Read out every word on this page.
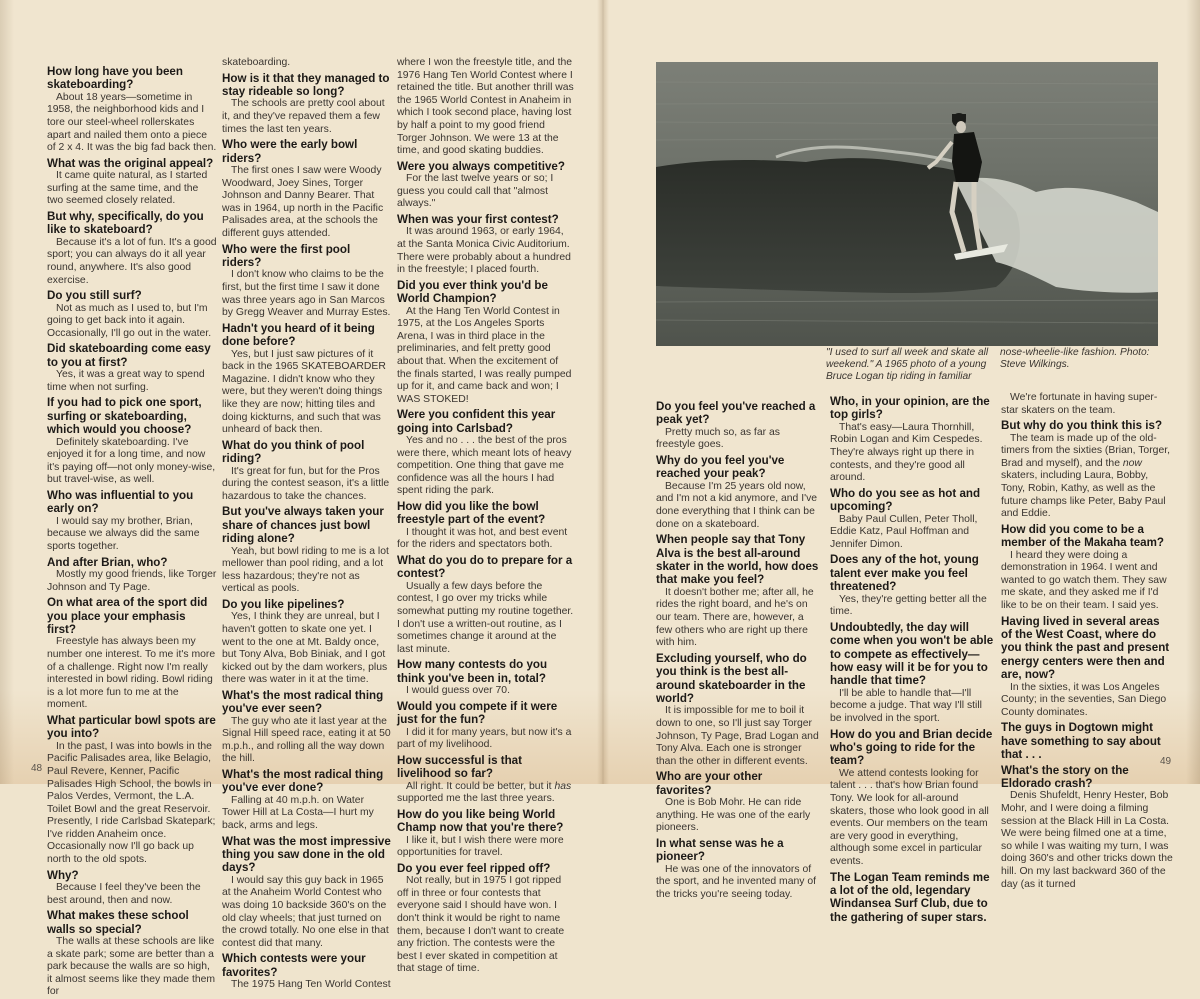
How long have you been skateboarding?
About 18 years—sometime in 1958, the neighborhood kids and I tore our steel-wheel rollerskates apart and nailed them onto a piece of 2 x 4. It was the big fad back then.
What was the original appeal?
It came quite natural, as I started surfing at the same time, and the two seemed closely related.
But why, specifically, do you like to skateboard?
Because it's a lot of fun. It's a good sport; you can always do it all year round, anywhere. It's also good exercise.
Do you still surf?
Not as much as I used to, but I'm going to get back into it again. Occasionally, I'll go out in the water.
Did skateboarding come easy to you at first?
Yes, it was a great way to spend time when not surfing.
If you had to pick one sport, surfing or skateboarding, which would you choose?
Definitely skateboarding. I've enjoyed it for a long time, and now it's paying off—not only money-wise, but travel-wise, as well.
Who was influential to you early on?
I would say my brother, Brian, because we always did the same sports together.
And after Brian, who?
Mostly my good friends, like Torger Johnson and Ty Page.
On what area of the sport did you place your emphasis first?
Freestyle has always been my number one interest. To me it's more of a challenge. Right now I'm really interested in bowl riding. Bowl riding is a lot more fun to me at the moment.
What particular bowl spots are you into?
In the past, I was into bowls in the Pacific Palisades area, like Belagio, Paul Revere, Kenner, Pacific Palisades High School, the bowls in Palos Verdes, Vermont, the L.A. Toilet Bowl and the great Reservoir. Presently, I ride Carlsbad Skatepark; I've ridden Anaheim once. Occasionally now I'll go back up north to the old spots.
Why?
Because I feel they've been the best around, then and now.
What makes these school walls so special?
The walls at these schools are like a skate park; some are better than a park because the walls are so high, it almost seems like they made them for
skateboarding.
How is it that they managed to stay rideable so long?
The schools are pretty cool about it, and they've repaved them a few times the last ten years.
Who were the early bowl riders?
The first ones I saw were Woody Woodward, Joey Sines, Torger Johnson and Danny Bearer. That was in 1964, up north in the Pacific Palisades area, at the schools the different guys attended.
Who were the first pool riders?
I don't know who claims to be the first, but the first time I saw it done was three years ago in San Marcos by Gregg Weaver and Murray Estes.
Hadn't you heard of it being done before?
Yes, but I just saw pictures of it back in the 1965 SKATEBOARDER Magazine. I didn't know who they were, but they weren't doing things like they are now; hitting tiles and doing kickturns, and such that was unheard of back then.
What do you think of pool riding?
It's great for fun, but for the Pros during the contest season, it's a little hazardous to take the chances.
But you've always taken your share of chances just bowl riding alone?
Yeah, but bowl riding to me is a lot mellower than pool riding, and a lot less hazardous; they're not as vertical as pools.
Do you like pipelines?
Yes, I think they are unreal, but I haven't gotten to skate one yet. I went to the one at Mt. Baldy once, but Tony Alva, Bob Biniak, and I got kicked out by the dam workers, plus there was water in it at the time.
What's the most radical thing you've ever seen?
The guy who ate it last year at the Signal Hill speed race, eating it at 50 m.p.h., and rolling all the way down the hill.
What's the most radical thing you've ever done?
Falling at 40 m.p.h. on Water Tower Hill at La Costa—I hurt my back, arms and legs.
What was the most impressive thing you saw done in the old days?
I would say this guy back in 1965 at the Anaheim World Contest who was doing 10 backside 360's on the old clay wheels; that just turned on the crowd totally. No one else in that contest did that many.
Which contests were your favorites?
The 1975 Hang Ten World Contest
where I won the freestyle title, and the 1976 Hang Ten World Contest where I retained the title. But another thrill was the 1965 World Contest in Anaheim in which I took second place, having lost by half a point to my good friend Torger Johnson. We were 13 at the time, and good skating buddies.
Were you always competitive?
For the last twelve years or so; I guess you could call that "almost always."
When was your first contest?
It was around 1963, or early 1964, at the Santa Monica Civic Auditorium. There were probably about a hundred in the freestyle; I placed fourth.
Did you ever think you'd be World Champion?
At the Hang Ten World Contest in 1975, at the Los Angeles Sports Arena, I was in third place in the preliminaries, and felt pretty good about that. When the excitement of the finals started, I was really pumped up for it, and came back and won; I WAS STOKED!
Were you confident this year going into Carlsbad?
Yes and no . . . the best of the pros were there, which meant lots of heavy competition. One thing that gave me confidence was all the hours I had spent riding the park.
How did you like the bowl freestyle part of the event?
I thought it was hot, and best event for the riders and spectators both.
What do you do to prepare for a contest?
Usually a few days before the contest, I go over my tricks while somewhat putting my routine together. I don't use a written-out routine, as I sometimes change it around at the last minute.
How many contests do you think you've been in, total?
I would guess over 70.
Would you compete if it were just for the fun?
I did it for many years, but now it's a part of my livelihood.
How successful is that livelihood so far?
All right. It could be better, but it has supported me the last three years.
How do you like being World Champ now that you're there?
I like it, but I wish there were more opportunities for travel.
Do you ever feel ripped off?
Not really, but in 1975 I got ripped off in three or four contests that everyone said I should have won. I don't think it would be right to name them, because I don't want to create any friction. The contests were the best I ever skated in competition at that stage of time.
"I used to surf all week and skate all weekend." A 1965 photo of a young Bruce Logan tip riding in familiar
nose-wheelie-like fashion. Photo: Steve Wilkings.
Do you feel you've reached a peak yet?
Pretty much so, as far as freestyle goes.
Why do you feel you've reached your peak?
Because I'm 25 years old now, and I'm not a kid anymore, and I've done everything that I think can be done on a skateboard.
When people say that Tony Alva is the best all-around skater in the world, how does that make you feel?
It doesn't bother me; after all, he rides the right board, and he's on our team. There are, however, a few others who are right up there with him.
Excluding yourself, who do you think is the best all-around skateboarder in the world?
It is impossible for me to boil it down to one, so I'll just say Torger Johnson, Ty Page, Brad Logan and Tony Alva. Each one is stronger than the other in different events.
Who are your other favorites?
One is Bob Mohr. He can ride anything. He was one of the early pioneers.
In what sense was he a pioneer?
He was one of the innovators of the sport, and he invented many of the tricks you're seeing today.
Who, in your opinion, are the top girls?
That's easy—Laura Thornhill, Robin Logan and Kim Cespedes. They're always right up there in contests, and they're good all around.
Who do you see as hot and upcoming?
Baby Paul Cullen, Peter Tholl, Eddie Katz, Paul Hoffman and Jennifer Dimon.
Does any of the hot, young talent ever make you feel threatened?
Yes, they're getting better all the time.
Undoubtedly, the day will come when you won't be able to compete as effectively—how easy will it be for you to handle that time?
I'll be able to handle that—I'll become a judge. That way I'll still be involved in the sport.
How do you and Brian decide who's going to ride for the team?
We attend contests looking for talent . . . that's how Brian found Tony. We look for all-around skaters, those who look good in all events. Our members on the team are very good in everything, although some excel in particular events.
The Logan Team reminds me a lot of the old, legendary Windansea Surf Club, due to the gathering of super stars.
We're fortunate in having super-star skaters on the team.
But why do you think this is?
The team is made up of the old-timers from the sixties (Brian, Torger, Brad and myself), and the now skaters, including Laura, Bobby, Tony, Robin, Kathy, as well as the future champs like Peter, Baby Paul and Eddie.
How did you come to be a member of the Makaha team?
I heard they were doing a demonstration in 1964. I went and wanted to go watch them. They saw me skate, and they asked me if I'd like to be on their team. I said yes.
Having lived in several areas of the West Coast, where do you think the past and present energy centers were then and are, now?
In the sixties, it was Los Angeles County; in the seventies, San Diego County dominates.
The guys in Dogtown might have something to say about that . . .
What's the story on the Eldorado crash?
Denis Shufeldt, Henry Hester, Bob Mohr, and I were doing a filming session at the Black Hill in La Costa. We were being filmed one at a time, so while I was waiting my turn, I was doing 360's and other tricks down the hill. On my last backward 360 of the day (as it turned
48
49
